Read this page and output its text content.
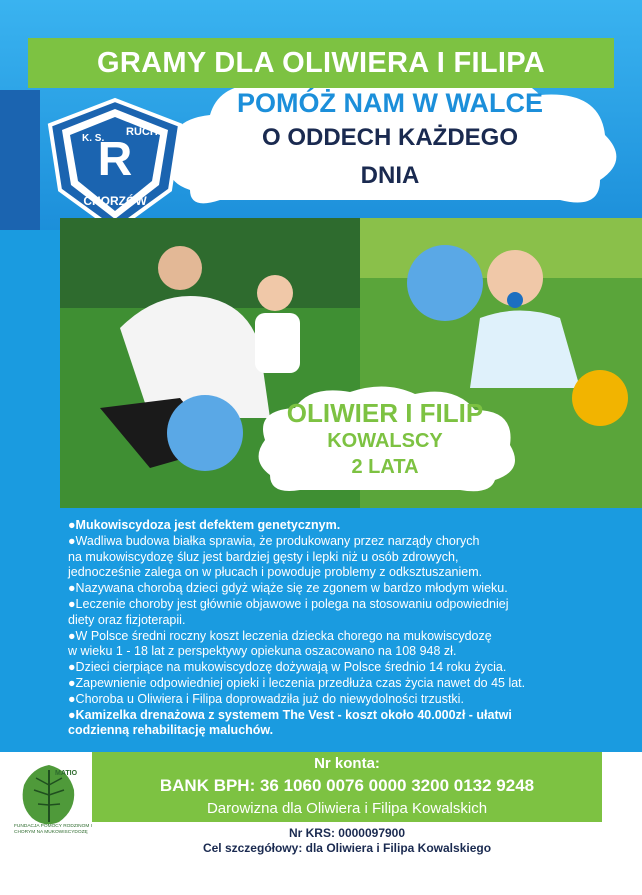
GRAMY DLA OLIWIERA I FILIPA
POMÓŻ NAM W WALCE
O ODDECH KAŻDEGO
DNIA
R
K. S.
RUCH
CHORZÓW
OLIWIER I FILIP
KOWALSCY
2 LATA
●Mukowiscydoza jest defektem genetycznym.
●Wadliwa budowa białka sprawia, że produkowany przez narządy chorych
na mukowiscydozę śluz jest bardziej gęsty i lepki niż u osób zdrowych,
jednocześnie zalega on w płucach i powoduje problemy z odksztuszaniem.
●Nazywana chorobą dzieci gdyż wiąże się ze zgonem w bardzo młodym wieku.
●Leczenie choroby jest głównie objawowe i polega na stosowaniu odpowiedniej
diety oraz fizjoterapii.
●W Polsce średni roczny koszt leczenia dziecka chorego na mukowiscydozę
w wieku 1 - 18 lat z perspektywy opiekuna oszacowano na 108 948 zł.
●Dzieci cierpiące na mukowiscydozę dożywają w Polsce średnio 14 roku życia.
●Zapewnienie odpowiedniej opieki i leczenia przedłuża czas życia nawet do 45 lat.
●Choroba u Oliwiera i Filipa doprowadziła już do niewydolności trzustki.
●Kamizelka drenażowa z systemem The Vest - koszt około 40.000zł - ułatwi
codzienną rehabilitację maluchów.
Nr konta:
BANK BPH: 36 1060 0076 0000 3200 0132 9248
Darowizna dla Oliwiera i Filipa Kowalskich
Nr KRS: 0000097900
Cel szczegółowy: dla Oliwiera i Filipa Kowalskiego
MATIO
FUNDACJA POMOCY RODZINOM I CHORYM NA MUKOWISCYDOZĘ
